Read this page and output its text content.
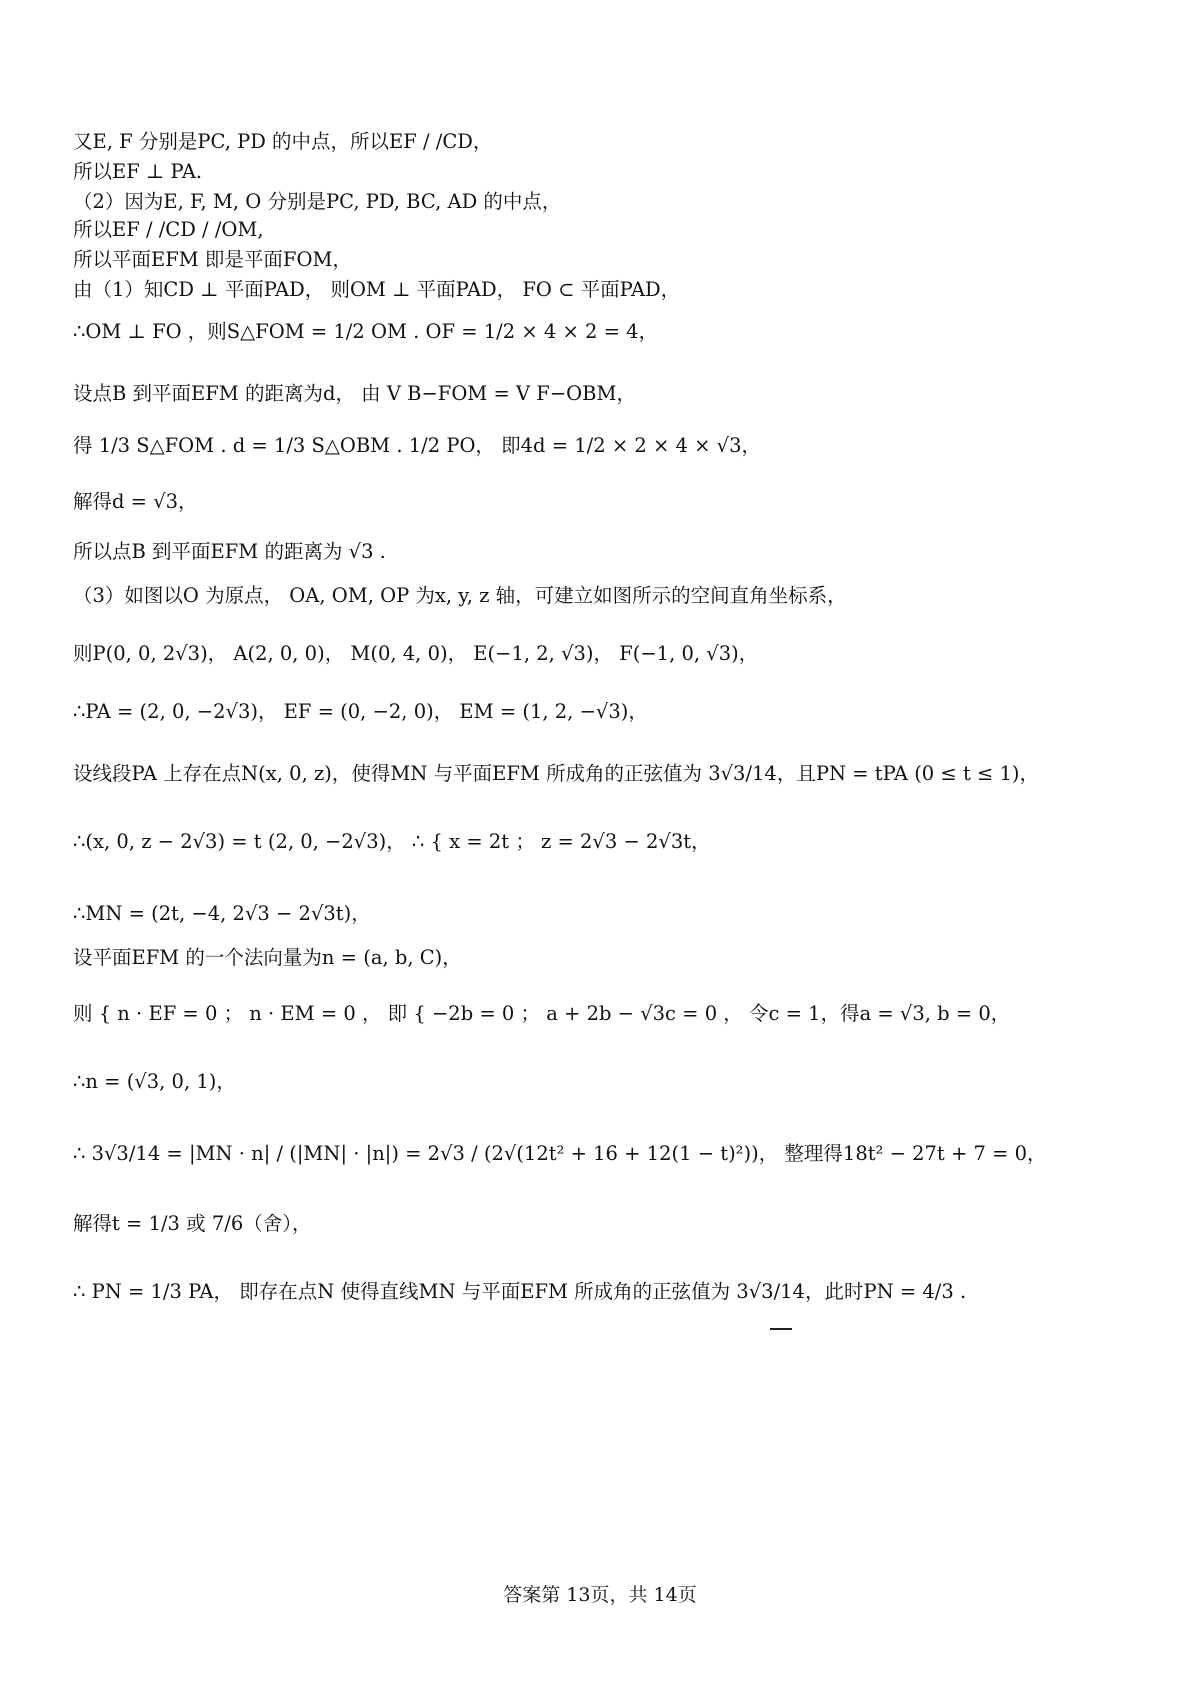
又E, F 分别是PC, PD 的中点，所以EF / /CD，
所以EF ⊥ PA.
（2）因为E, F, M, O 分别是PC, PD, BC, AD 的中点，
所以EF / /CD / /OM,
所以平面EFM 即是平面FOM，
由（1）知CD ⊥ 平面PAD， 则OM ⊥ 平面PAD， FO ⊂ 平面PAD，
∴OM ⊥ FO ，则S△FOM = 1/2 OM . OF = 1/2 × 4 × 2 = 4，
设点B 到平面EFM 的距离为d， 由 V B−FOM = V F−OBM，
得 1/3 S△FOM . d = 1/3 S△OBM . 1/2 PO， 即4d = 1/2 × 2 × 4 × √3，
解得d = √3，
所以点B 到平面EFM 的距离为 √3 .
（3）如图以O 为原点， OA, OM, OP 为x, y, z 轴，可建立如图所示的空间直角坐标系，
则P(0, 0, 2√3)， A(2, 0, 0)， M(0, 4, 0)， E(−1, 2, √3)， F(−1, 0, √3)，
∴PA = (2, 0, −2√3)， EF = (0, −2, 0)， EM = (1, 2, −√3)，
设线段PA 上存在点N(x, 0, z)，使得MN 与平面EFM 所成角的正弦值为 3√3/14，且PN = tPA (0 ≤ t ≤ 1)，
∴(x, 0, z − 2√3) = t (2, 0, −2√3)， ∴ { x = 2t ； z = 2√3 − 2√3t，
∴MN = (2t, −4, 2√3 − 2√3t)，
设平面EFM 的一个法向量为n = (a, b, C)，
则 { n · EF = 0 ； n · EM = 0 ， 即 { −2b = 0 ； a + 2b − √3c = 0 ， 令c = 1，得a = √3, b = 0，
∴n = (√3, 0, 1)，
∴ 3√3/14 = |MN · n| / (|MN| · |n|) = 2√3 / (2√(12t² + 16 + 12(1 − t)²))， 整理得18t² − 27t + 7 = 0，
解得t = 1/3 或 7/6（舍），
∴ PN = 1/3 PA， 即存在点N 使得直线MN 与平面EFM 所成角的正弦值为 3√3/14，此时PN = 4/3 .
答案第 13页，共 14页
